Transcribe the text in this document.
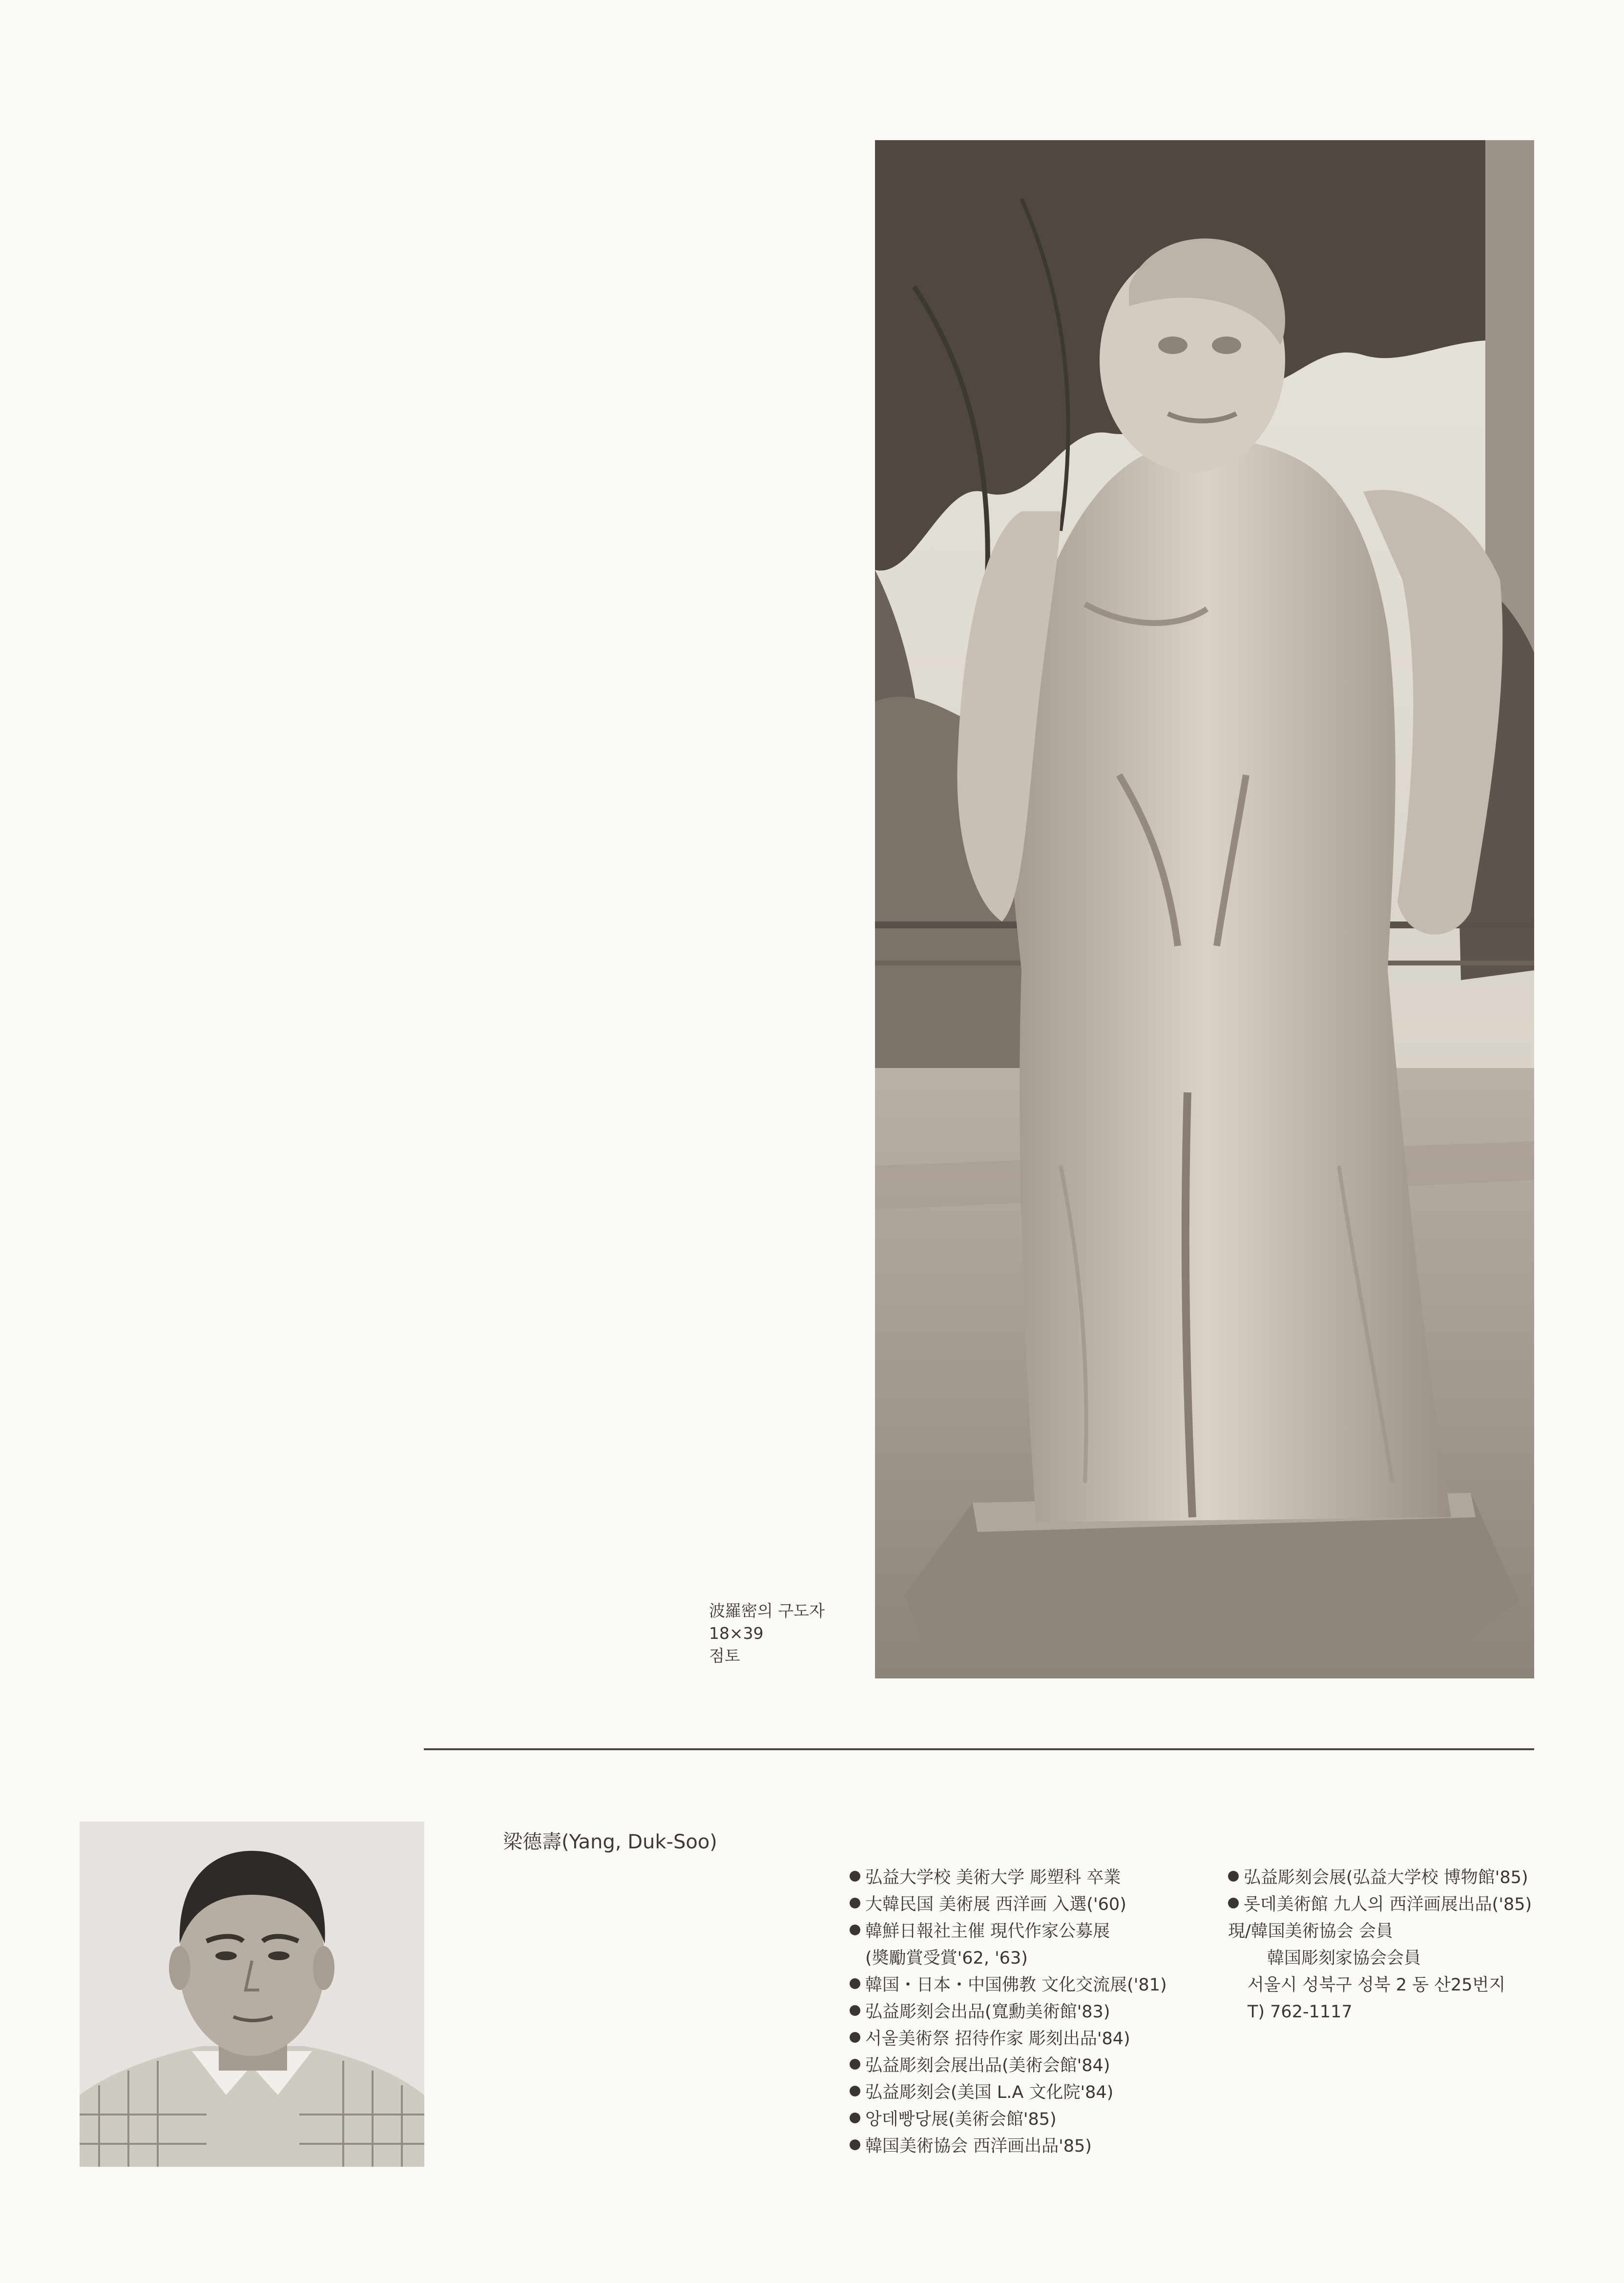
波羅密의 구도자
18×39
점토
梁德壽(Yang, Duk-Soo)
弘益大学校 美術大学 彫塑科 卒業
大韓民国 美術展 西洋画 入選('60)
韓鮮日報社主催 現代作家公募展
(奬勵賞受賞'62, '63)
韓国・日本・中国佛教 文化交流展('81)
弘益彫刻会出品(寬勳美術館'83)
서울美術祭 招待作家 彫刻出品'84)
弘益彫刻会展出品(美術会館'84)
弘益彫刻会(美国 L.A 文化院'84)
앙데빵당展(美術会館'85)
韓国美術協会 西洋画出品'85)
弘益彫刻会展(弘益大学校 博物館'85)
롯데美術館 九人의 西洋画展出品('85)
現/韓国美術協会 会員
韓国彫刻家協会会員
서울시 성북구 성북 2 동 산25번지
T) 762-1117
